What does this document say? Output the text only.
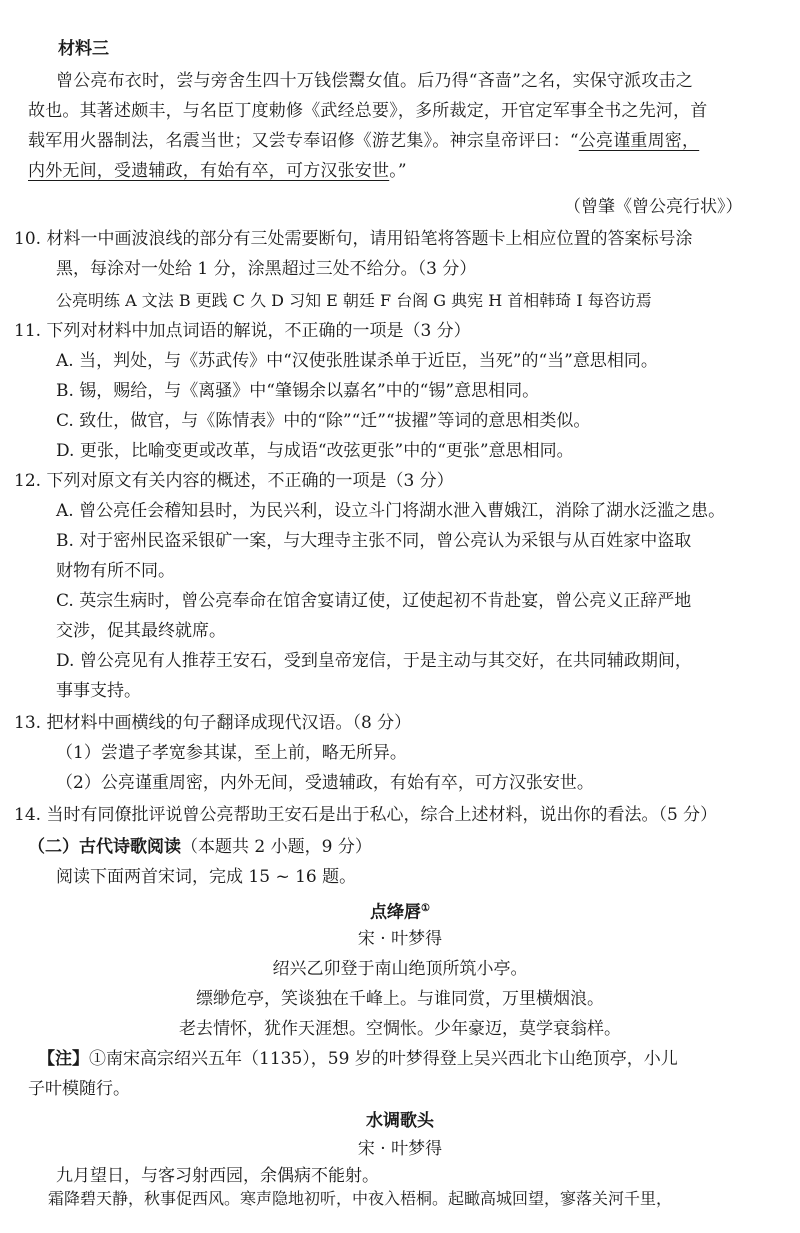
材料三
曾公亮布衣时，尝与旁舍生四十万钱偿鬻女值。后乃得“吝啬”之名，实保守派攻击之
故也。其著述颇丰，与名臣丁度勅修《武经总要》，多所裁定，开官定军事全书之先河，首
载军用火器制法，名震当世；又尝专奉诏修《游艺集》。神宗皇帝评曰：“公亮谨重周密，
内外无间，受遗辅政，有始有卒，可方汉张安世。”
（曾肇《曾公亮行状》）
10. 材料一中画波浪线的部分有三处需要断句，请用铅笔将答题卡上相应位置的答案标号涂
黑，每涂对一处给 1 分，涂黑超过三处不给分。（3 分）
公亮明练 A 文法 B 更践 C 久 D 习知 E 朝廷 F 台阁 G 典宪 H 首相韩琦 I 每咨访焉
11. 下列对材料中加点词语的解说，不正确的一项是（3 分）
A. 当，判处，与《苏武传》中“汉使张胜谋杀单于近臣，当死”的“当”意思相同。
B. 锡，赐给，与《离骚》中“肇锡余以嘉名”中的“锡”意思相同。
C. 致仕，做官，与《陈情表》中的“除”“迁”“拔擢”等词的意思相类似。
D. 更张，比喻变更或改革，与成语“改弦更张”中的“更张”意思相同。
12. 下列对原文有关内容的概述，不正确的一项是（3 分）
A. 曾公亮任会稽知县时，为民兴利，设立斗门将湖水泄入曹娥江，消除了湖水泛滥之患。
B. 对于密州民盗采银矿一案，与大理寺主张不同，曾公亮认为采银与从百姓家中盗取
财物有所不同。
C. 英宗生病时，曾公亮奉命在馆舍宴请辽使，辽使起初不肯赴宴，曾公亮义正辞严地
交涉，促其最终就席。
D. 曾公亮见有人推荐王安石，受到皇帝宠信，于是主动与其交好，在共同辅政期间，
事事支持。
13. 把材料中画横线的句子翻译成现代汉语。（8 分）
（1）尝遣子孝宽参其谋，至上前，略无所异。
（2）公亮谨重周密，内外无间，受遗辅政，有始有卒，可方汉张安世。
14. 当时有同僚批评说曾公亮帮助王安石是出于私心，综合上述材料，说出你的看法。（5 分）
（二）古代诗歌阅读（本题共 2 小题，9 分）
阅读下面两首宋词，完成 15 ~ 16 题。
点绛唇①
宋 · 叶梦得
绍兴乙卯登于南山绝顶所筑小亭。
缥缈危亭，笑谈独在千峰上。与谁同赏，万里横烟浪。
老去情怀，犹作天涯想。空惆怅。少年豪迈，莫学衰翁样。
【注】①南宋高宗绍兴五年（1135），59 岁的叶梦得登上吴兴西北卞山绝顶亭，小儿
子叶模随行。
水调歌头
宋 · 叶梦得
九月望日，与客习射西园，余偶病不能射。
霜降碧天静，秋事促西风。寒声隐地初听，中夜入梧桐。起瞰高城回望，寥落关河千里，
